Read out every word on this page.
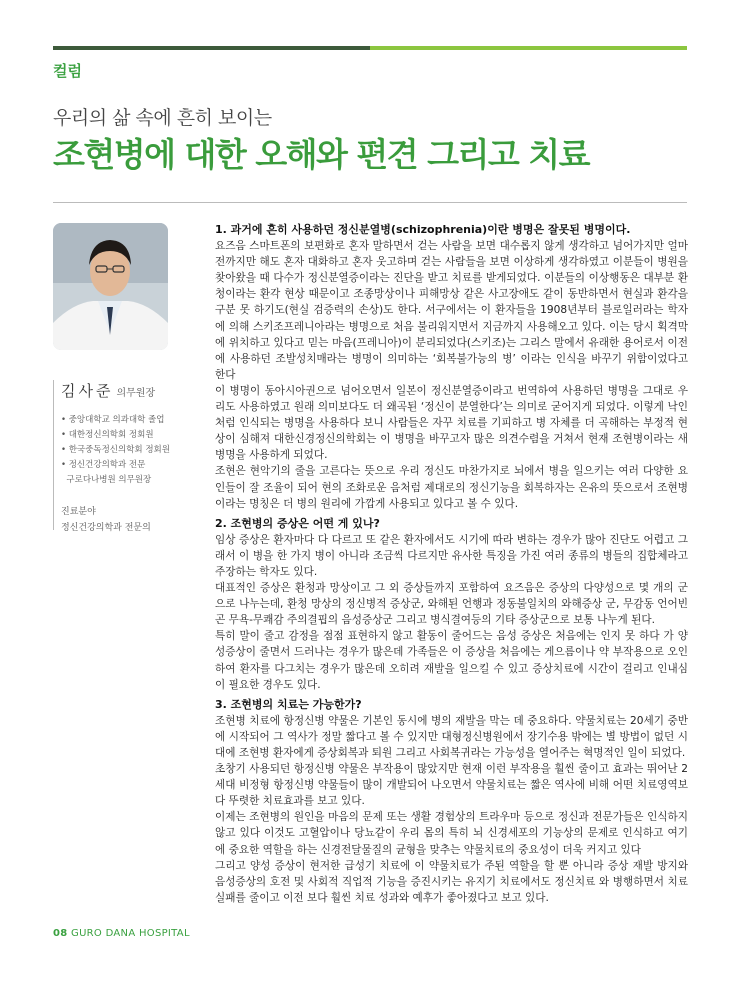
컬럼
우리의 삶 속에 흔히 보이는
조현병에 대한 오해와 편견 그리고 치료
김사준 의무원장
• 중앙대학교 의과대학 졸업
• 대한정신의학회 정회원
• 한국중독정신의학회 정회원
• 정신건강의학과 전문
구로다나병원 의무원장
진료분야
정신건강의학과 전문의
1. 과거에 흔히 사용하던 정신분열병(schizophrenia)이란 병명은 잘못된 병명이다.

요즈음 스마트폰의 보편화로 혼자 말하면서 걷는 사람을 보면 대수롭지 않게 생각하고 넘어가지만 얼마 전까지만 해도 혼자 대화하고 혼자 웃고하며 걷는 사람들을 보면 이상하게 생각하였고 이분들이 병원을 찾아왔을 때 다수가 정신분열증이라는 진단을 받고 치료를 받게되었다. 이분들의 이상행동은 대부분 환청이라는 환각 현상 때문이고 조종망상이나 피해망상 같은 사고장애도 같이 동반하면서 현실과 환각을 구분 못 하기도(현실 검증력의 손상)도 한다. 서구에서는 이 환자들을 1908년부터 블로일러라는 학자에 의해 스키조프레니아라는 병명으로 처음 불리워지면서 지금까지 사용해오고 있다. 이는 당시 획격막에 위치하고 있다고 믿는 마음(프레니아)이 분리되었다(스키조)는 그리스 말에서 유래한 용어로서 이전에 사용하던 조발성치매라는 병명이 의미하는 ‘회복불가능의 병’ 이라는 인식을 바꾸기 위함이었다고 한다

이 병명이 동아시아권으로 넘어오면서 일본이 정신분열증이라고 번역하여 사용하던 병명을 그대로 우리도 사용하였고 원래 의미보다도 더 왜곡된 ‘정신이 분열한다’는 의미로 굳어지게 되었다. 이렇게 낙인처럼 인식되는 병명을 사용하다 보니 사람들은 자꾸 치료를 기피하고 병 자체를 더 곡해하는 부정적 현상이 심해져 대한신경정신의학회는 이 병명을 바꾸고자 많은 의견수렴을 거쳐서 현재 조현병이라는 새 병명을 사용하게 되었다.

조현은 현악기의 줄을 고른다는 뜻으로 우리 정신도 마찬가지로 뇌에서 병을 일으키는 여러 다양한 요인들이 잘 조율이 되어 현의 조화로운 음처럼 제대로의 정신기능을 회복하자는 은유의 뜻으로서 조현병이라는 명칭은 더 병의 원리에 가깝게 사용되고 있다고 볼 수 있다.

2. 조현병의 증상은 어떤 게 있나?

임상 증상은 환자마다 다 다르고 또 같은 환자에서도 시기에 따라 변하는 경우가 많아 진단도 어렵고 그래서 이 병을 한 가지 병이 아니라 조금씩 다르지만 유사한 특징을 가진 여러 종류의 병들의 집합체라고 주장하는 학자도 있다.

대표적인 증상은 환청과 망상이고 그 외 증상들까지 포함하여 요즈음은 증상의 다양성으로 몇 개의 군으로 나누는데, 환청 망상의 정신병적 증상군, 와해된 언행과 정동불일치의 와해증상 군, 무감동 언어빈곤 무욕-무쾌감 주의결핍의 음성증상군 그리고 병식결여등의 기타 증상군으로 보통 나누게 된다.

특히 말이 줄고 감정을 점점 표현하지 않고 활동이 줄어드는 음성 증상은 처음에는 인지 못 하다 가 양성증상이 줄면서 드러나는 경우가 많은데 가족들은 이 증상을 처음에는 게으름이나 약 부작용으로 오인하여 환자를 다그치는 경우가 많은데 오히려 재발을 일으킬 수 있고 증상치료에 시간이 걸리고 인내심이 필요한 경우도 있다.

3. 조현병의 치료는 가능한가?

조현병 치료에 항정신병 약물은 기본인 동시에 병의 재발을 막는 데 중요하다. 약물치료는 20세기 중반에 시작되어 그 역사가 정말 짧다고 볼 수 있지만 대형정신병원에서 장기수용 밖에는 별 방법이 없던 시대에 조현병 환자에게 증상회복과 퇴원 그리고 사회복귀라는 가능성을 열어주는 혁명적인 일이 되었다.

초창기 사용되던 항정신병 약물은 부작용이 많았지만 현재 이런 부작용을 훨씬 줄이고 효과는 뛰어난 2세대 비정형 항정신병 약물들이 많이 개발되어 나오면서 약물치료는 짧은 역사에 비해 어떤 치료영역보다 뚜렷한 치료효과를 보고 있다.

이제는 조현병의 원인을 마음의 문제 또는 생활 경험상의 트라우마 등으로 정신과 전문가들은 인식하지 않고 있다 이것도 고혈압이나 당뇨같이 우리 몸의 특히 뇌 신경세포의 기능상의 문제로 인식하고 여기에 중요한 역할을 하는 신경전달물질의 균형을 맞추는 약물치료의 중요성이 더욱 커지고 있다

그리고 양성 증상이 현저한 급성기 치료에 이 약물치료가 주된 역할을 할 뿐 아니라 증상 재발 방지와 음성증상의 호전 및 사회적 직업적 기능을 증진시키는 유지기 치료에서도 정신치료 와 병행하면서 치료 실패를 줄이고 이전 보다 훨씬 치료 성과와 예후가 좋아졌다고 보고 있다.

08 GURO DANA HOSPITAL
